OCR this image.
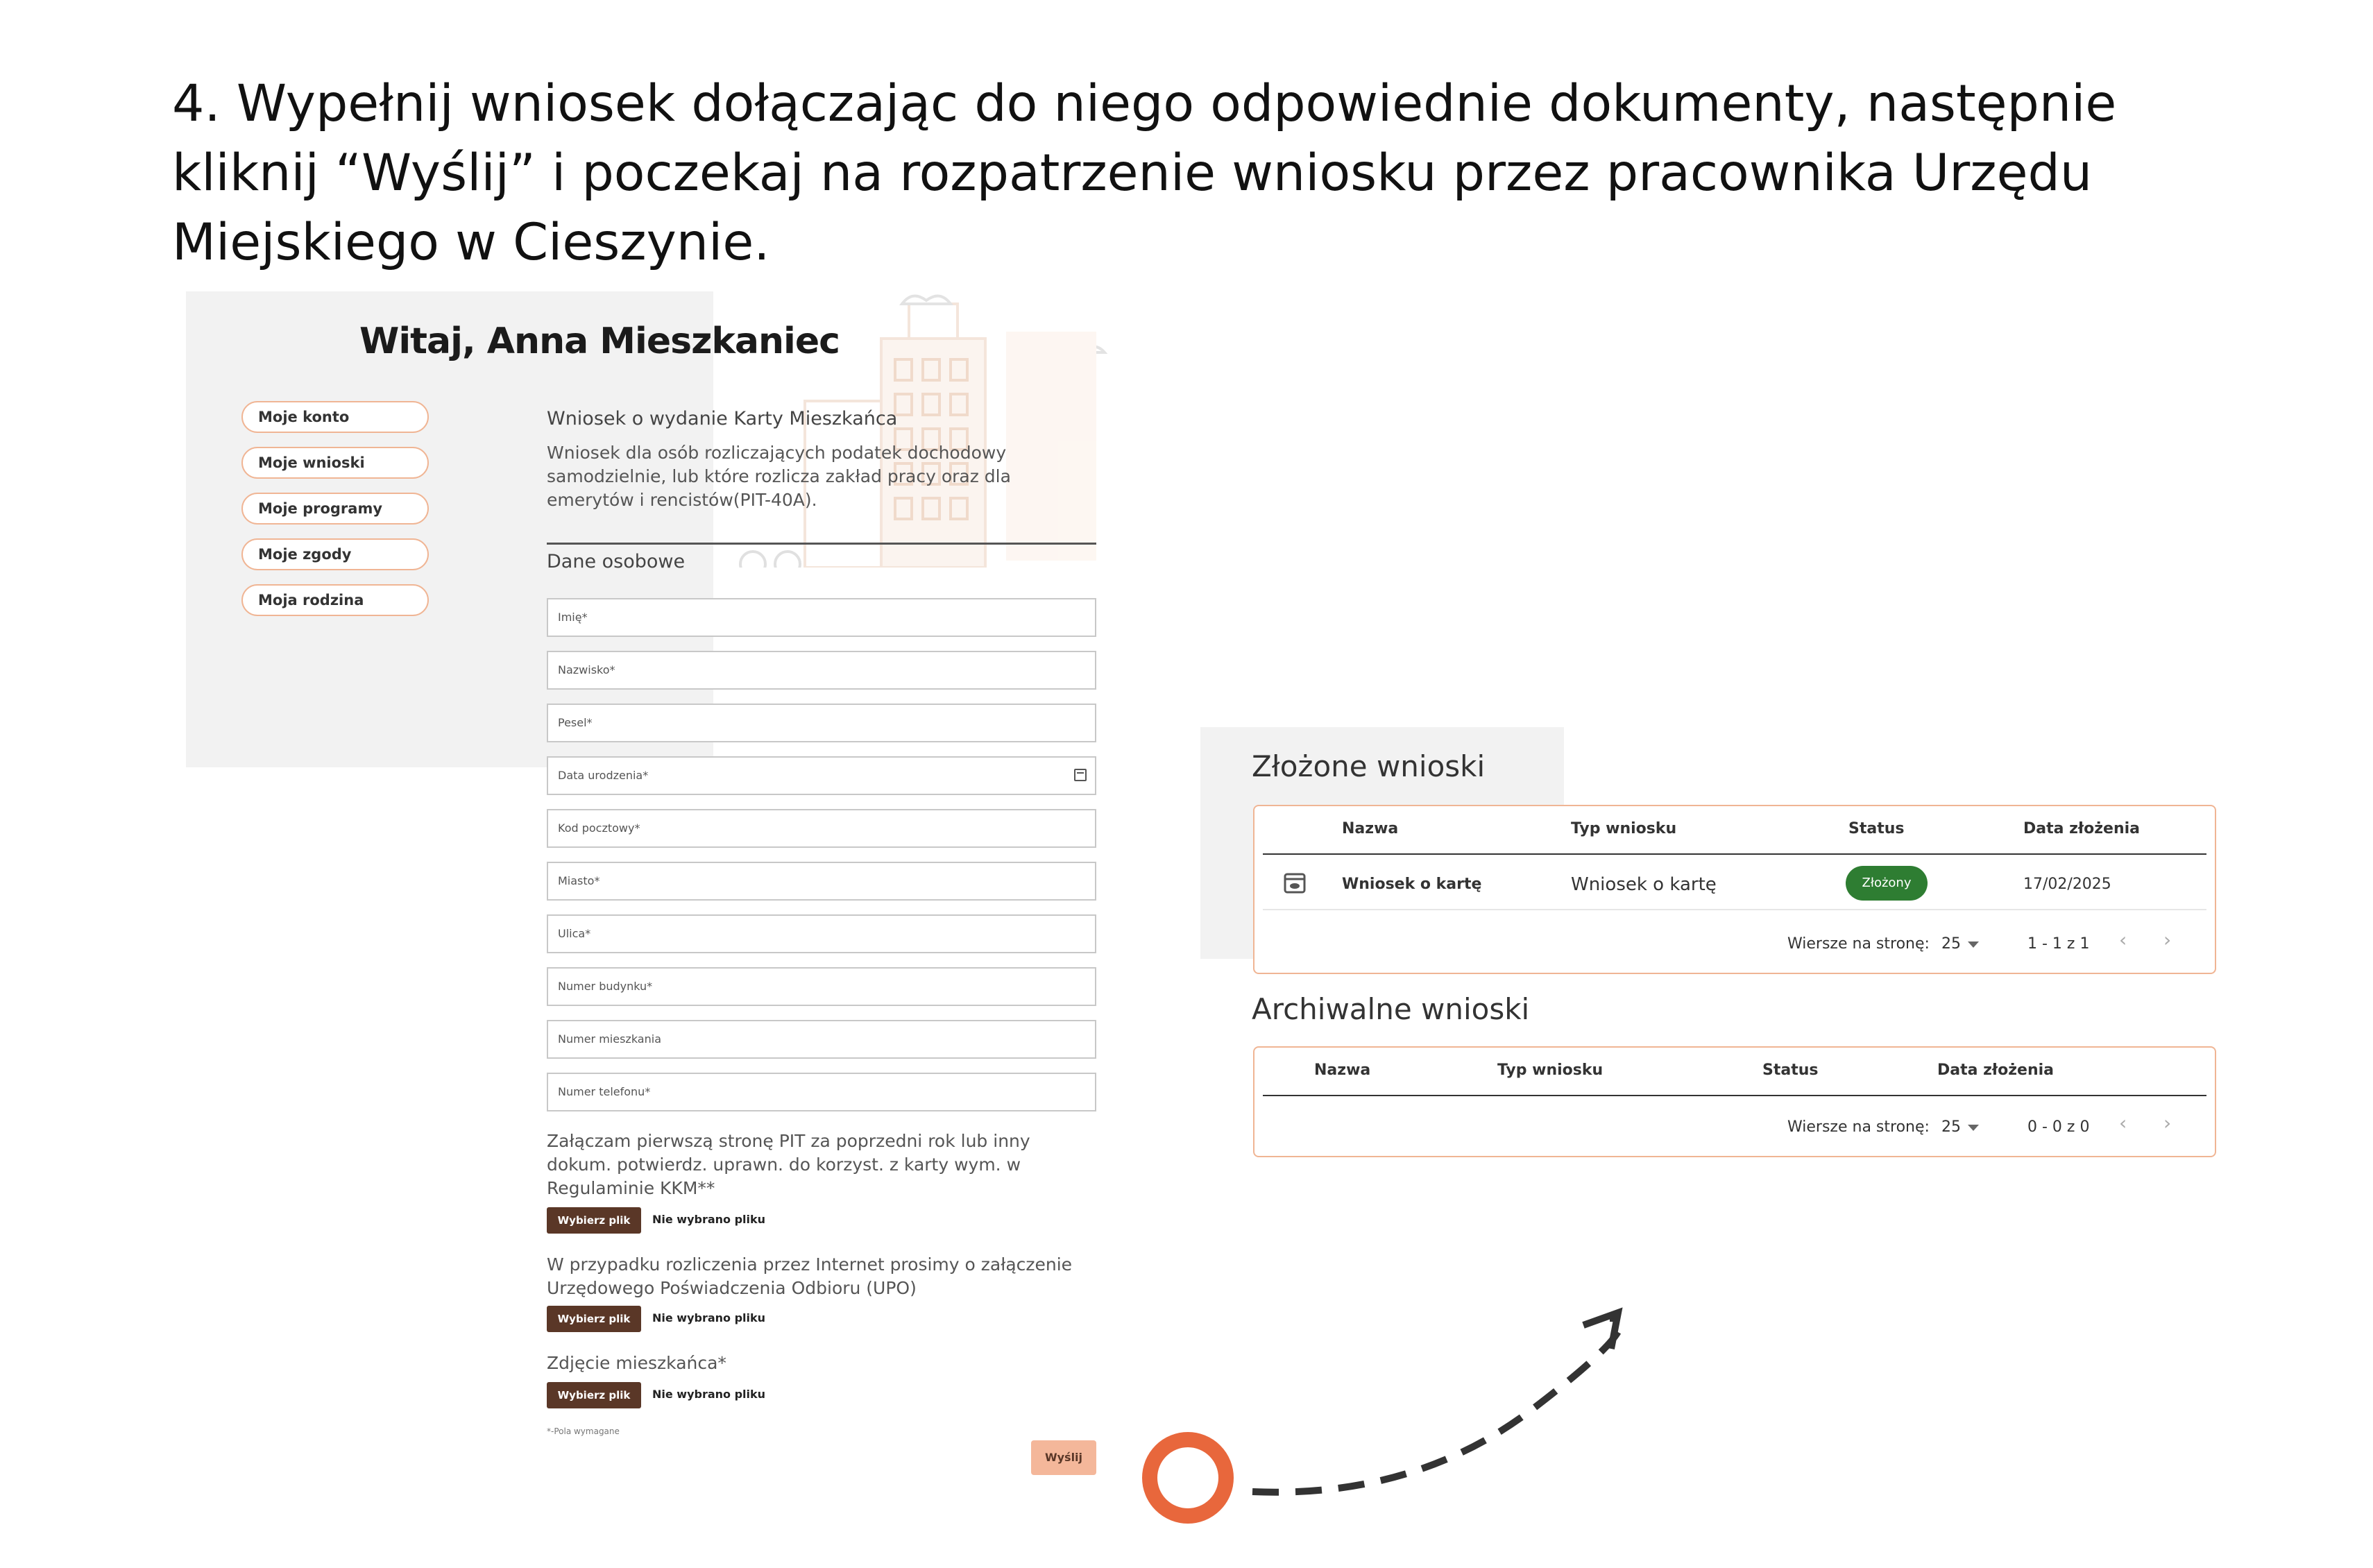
4. Wypełnij wniosek dołączając do niego odpowiednie dokumenty, następnie
kliknij “Wyślij” i poczekaj na rozpatrzenie wniosku przez pracownika Urzędu
Miejskiego w Cieszynie.
Witaj, Anna Mieszkaniec
Moje konto
Moje wnioski
Moje programy
Moje zgody
Moja rodzina
Wniosek o wydanie Karty Mieszkańca
Wniosek dla osób rozliczających podatek dochodowy
samodzielnie, lub które rozlicza zakład pracy oraz dla
emerytów i rencistów(PIT-40A).
Dane osobowe
Imię*
Nazwisko*
Pesel*
Data urodzenia*
Kod pocztowy*
Miasto*
Ulica*
Numer budynku*
Numer mieszkania
Numer telefonu*
Załączam pierwszą stronę PIT za poprzedni rok lub inny
dokum. potwierdz. uprawn. do korzyst. z karty wym. w
Regulaminie KKM**
Wybierz plik	Nie wybrano pliku
W przypadku rozliczenia przez Internet prosimy o załączenie
Urzędowego Poświadczenia Odbioru (UPO)
Wybierz plik	Nie wybrano pliku
Zdjęcie mieszkańca*
Wybierz plik	Nie wybrano pliku
*-Pola wymagane
Wyślij
Złożone wnioski
Nazwa	Typ wniosku	Status	Data złożenia
Wniosek o kartę	Wniosek o kartę	Złożony	17/02/2025
Wiersze na stronę: 25	1 - 1 z 1 ‹ ›
Archiwalne wnioski
Nazwa	Typ wniosku	Status	Data złożenia
Wiersze na stronę: 25	0 - 0 z 0 ‹ ›
